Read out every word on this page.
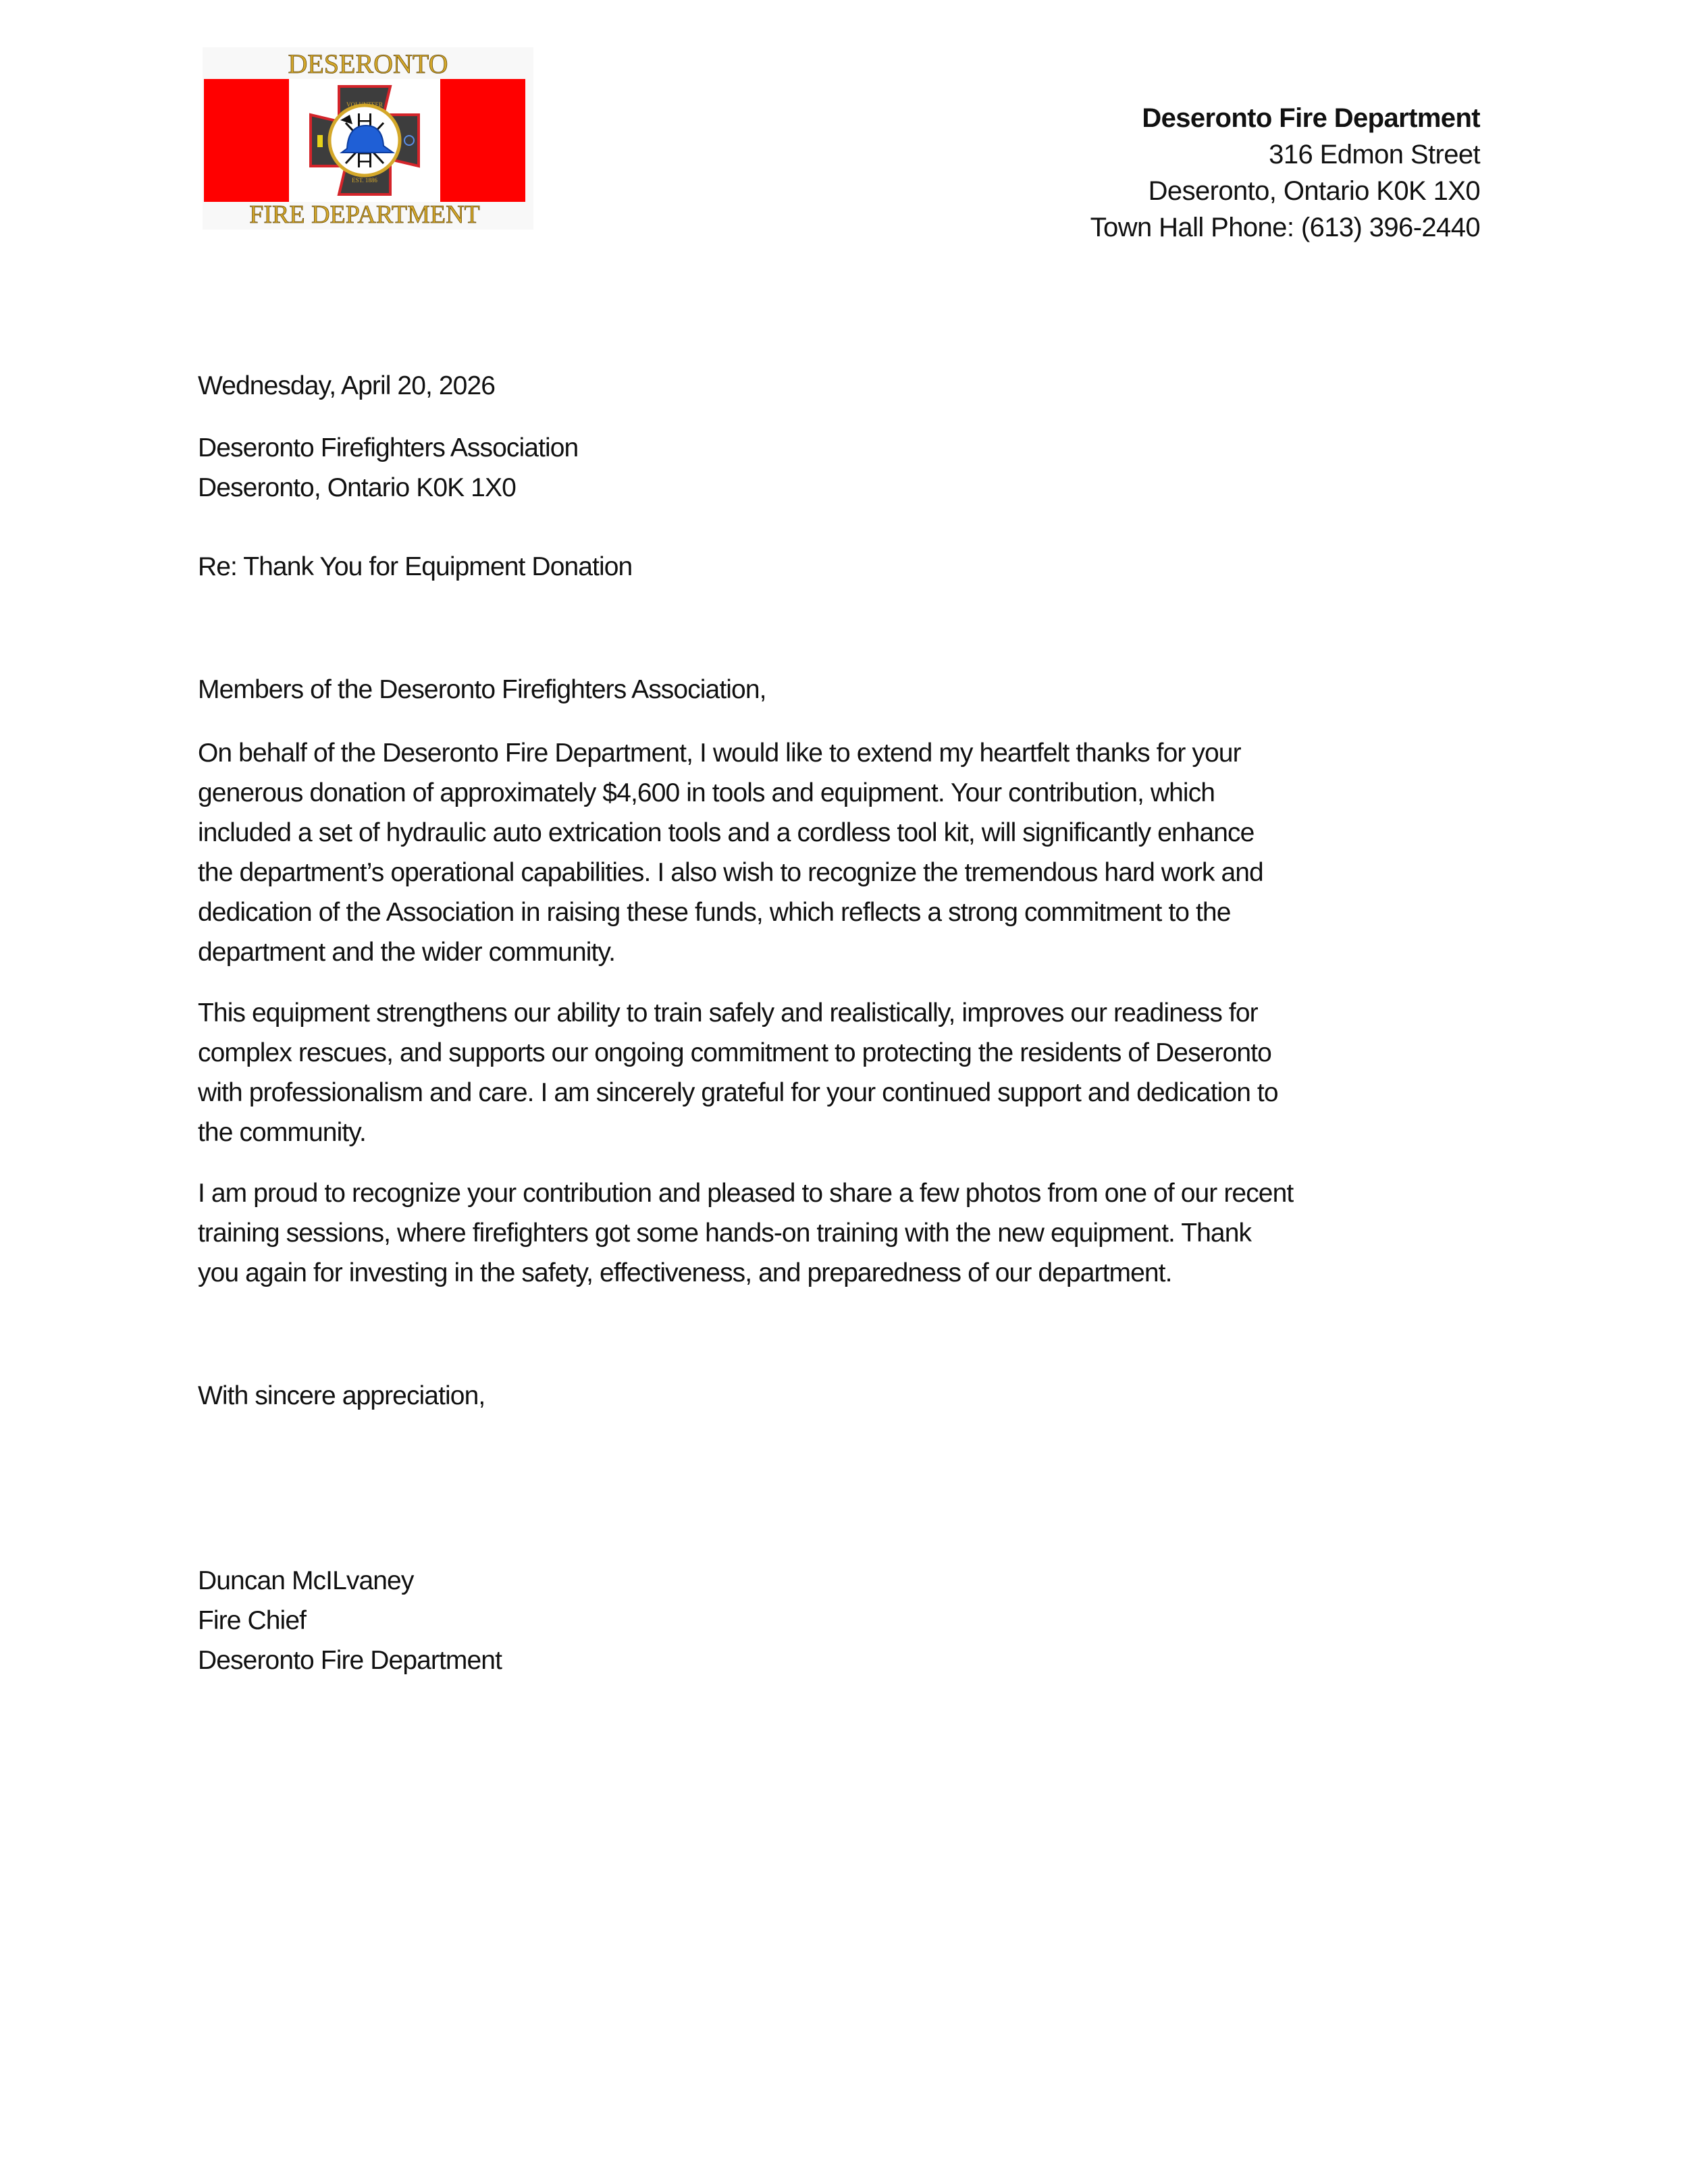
DESERONTO
FIRE DEPARTMENT
VOLUNTEER
EST. 1886
Deseronto Fire Department
316 Edmon Street
Deseronto, Ontario K0K 1X0
Town Hall Phone: (613) 396-2440
Wednesday, April 20, 2026
Deseronto Firefighters Association
Deseronto, Ontario K0K 1X0
Re: Thank You for Equipment Donation
Members of the Deseronto Firefighters Association,
On behalf of the Deseronto Fire Department, I would like to extend my heartfelt thanks for your
generous donation of approximately $4,600 in tools and equipment. Your contribution, which
included a set of hydraulic auto extrication tools and a cordless tool kit, will significantly enhance
the department’s operational capabilities. I also wish to recognize the tremendous hard work and
dedication of the Association in raising these funds, which reflects a strong commitment to the
department and the wider community.
This equipment strengthens our ability to train safely and realistically, improves our readiness for
complex rescues, and supports our ongoing commitment to protecting the residents of Deseronto
with professionalism and care. I am sincerely grateful for your continued support and dedication to
the community.
I am proud to recognize your contribution and pleased to share a few photos from one of our recent
training sessions, where firefighters got some hands-on training with the new equipment. Thank
you again for investing in the safety, effectiveness, and preparedness of our department.
With sincere appreciation,
Duncan McILvaney
Fire Chief
Deseronto Fire Department
